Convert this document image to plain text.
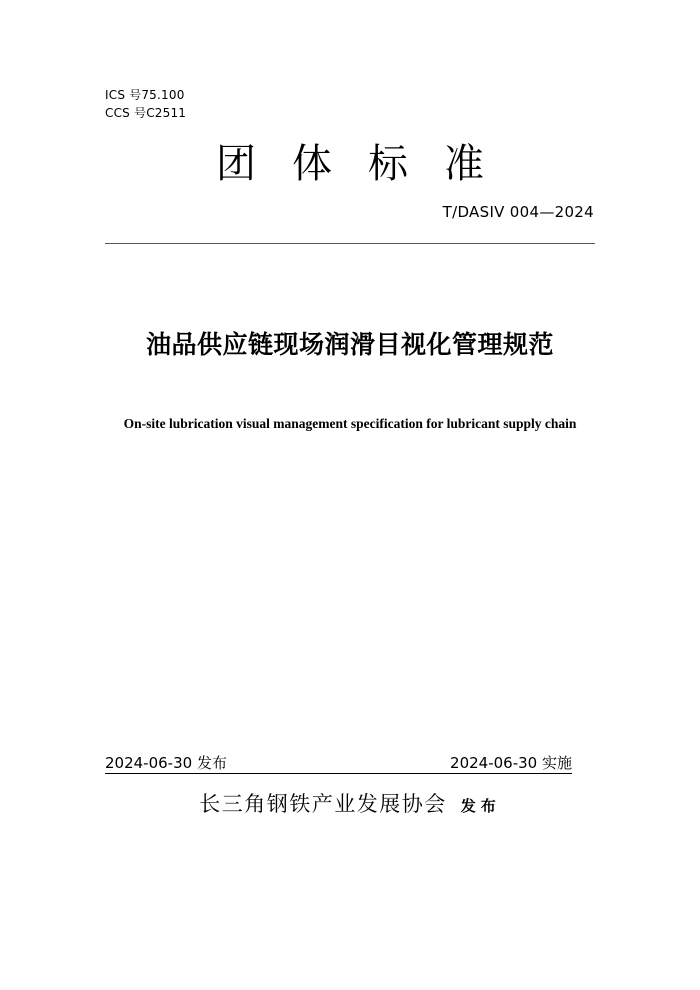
ICS 号75.100
CCS 号C2511
团体标准
T/DASIV 004—2024
油品供应链现场润滑目视化管理规范
On-site lubrication visual management specification for lubricant supply chain
2024-06-30 发布	2024-06-30 实施
长三角钢铁产业发展协会 发布
